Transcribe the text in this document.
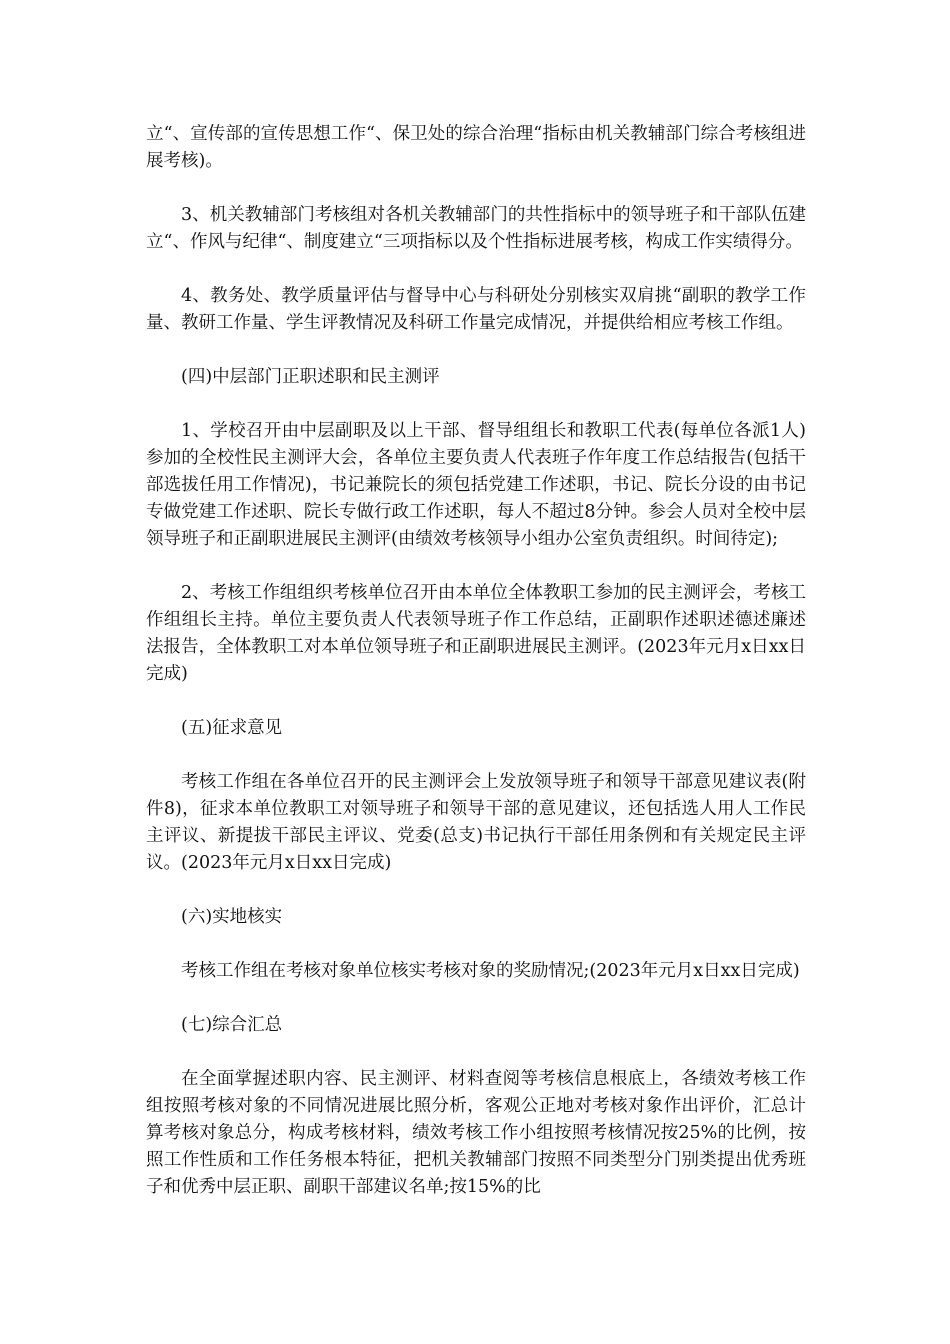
立“、宣传部的宣传思想工作“、保卫处的综合治理“指标由机关教辅部门综合考核组进展考核)。

3、机关教辅部门考核组对各机关教辅部门的共性指标中的领导班子和干部队伍建立“、作风与纪律“、制度建立“三项指标以及个性指标进展考核，构成工作实绩得分。

4、教务处、教学质量评估与督导中心与科研处分别核实双肩挑“副职的教学工作量、教研工作量、学生评教情况及科研工作量完成情况，并提供给相应考核工作组。

(四)中层部门正职述职和民主测评

1、学校召开由中层副职及以上干部、督导组组长和教职工代表(每单位各派1人)参加的全校性民主测评大会，各单位主要负责人代表班子作年度工作总结报告(包括干部选拔任用工作情况)，书记兼院长的须包括党建工作述职，书记、院长分设的由书记专做党建工作述职、院长专做行政工作述职，每人不超过8分钟。参会人员对全校中层领导班子和正副职进展民主测评(由绩效考核领导小组办公室负责组织。时间待定);

2、考核工作组组织考核单位召开由本单位全体教职工参加的民主测评会，考核工作组组长主持。单位主要负责人代表领导班子作工作总结，正副职作述职述德述廉述法报告，全体教职工对本单位领导班子和正副职进展民主测评。(2023年元月x日xx日完成)

(五)征求意见

考核工作组在各单位召开的民主测评会上发放领导班子和领导干部意见建议表(附件8)，征求本单位教职工对领导班子和领导干部的意见建议，还包括选人用人工作民主评议、新提拔干部民主评议、党委(总支)书记执行干部任用条例和有关规定民主评议。(2023年元月x日xx日完成)

(六)实地核实

考核工作组在考核对象单位核实考核对象的奖励情况;(2023年元月x日xx日完成)

(七)综合汇总

在全面掌握述职内容、民主测评、材料查阅等考核信息根底上，各绩效考核工作组按照考核对象的不同情况进展比照分析，客观公正地对考核对象作出评价，汇总计算考核对象总分，构成考核材料，绩效考核工作小组按照考核情况按25%的比例，按照工作性质和工作任务根本特征，把机关教辅部门按照不同类型分门别类提出优秀班子和优秀中层正职、副职干部建议名单;按15%的比
